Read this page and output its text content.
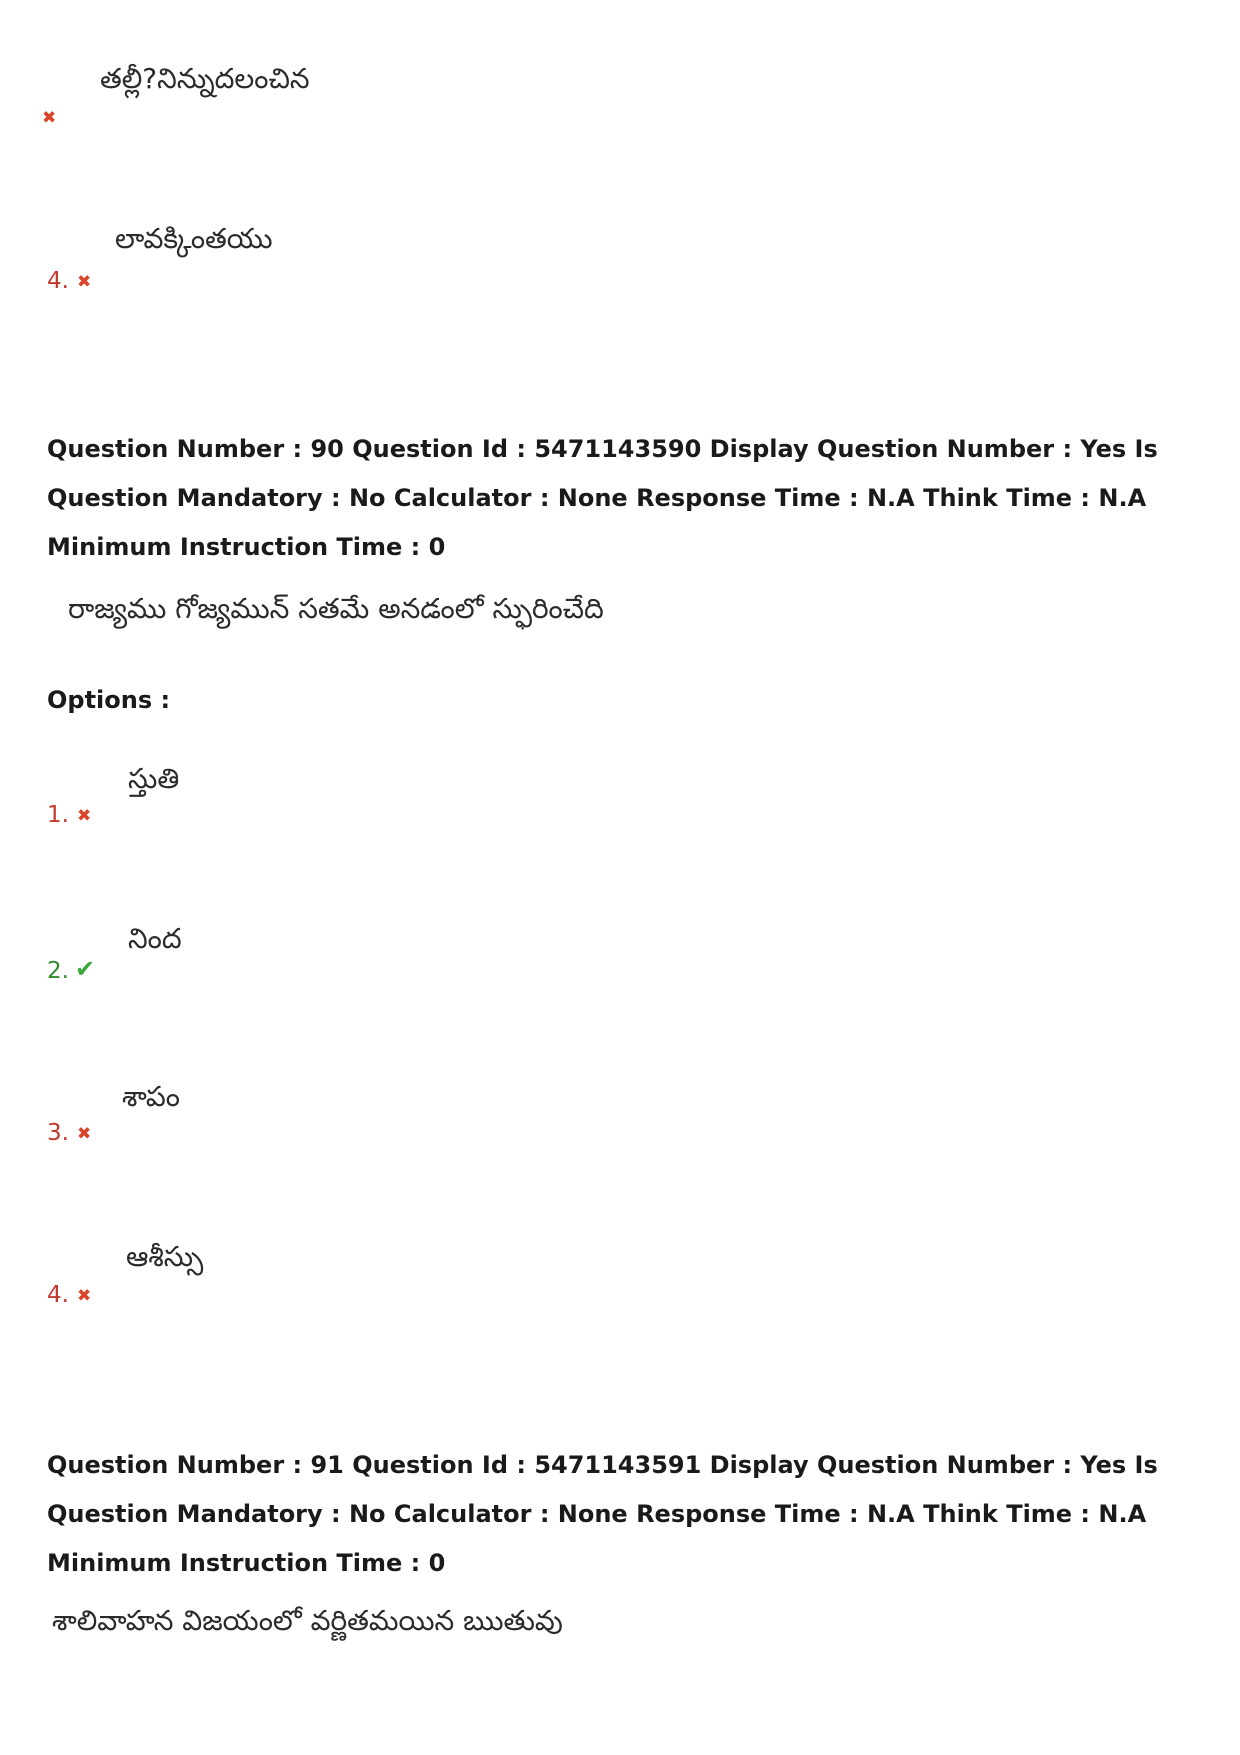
తల్లీ?నిన్నుదలంచిన
✖
లావక్కింతయు
4. ✖
Question Number : 90 Question Id : 5471143590 Display Question Number : Yes Is Question Mandatory : No Calculator : None Response Time : N.A Think Time : N.A Minimum Instruction Time : 0
రాజ్యము గోజ్యమున్ సతమే అనడంలో స్ఫురించేది
Options :
స్తుతి
1. ✖
నింద
2. ✔
శాపం
3. ✖
ఆశీస్సు
4. ✖
Question Number : 91 Question Id : 5471143591 Display Question Number : Yes Is Question Mandatory : No Calculator : None Response Time : N.A Think Time : N.A Minimum Instruction Time : 0
శాలివాహన విజయంలో వర్ణితమయిన ఋతువు
